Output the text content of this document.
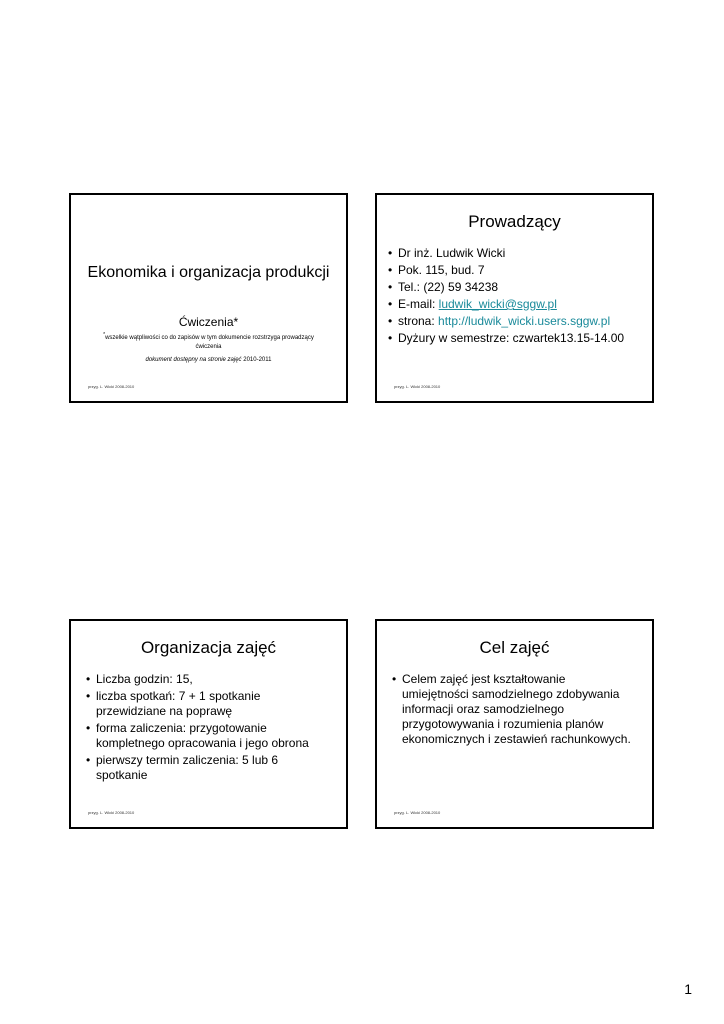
Ekonomika i organizacja produkcji
Ćwiczenia*
*wszelkie wątpliwości co do zapisów w tym dokumencie rozstrzyga prowadzący ćwiczenia
dokument dostępny na stronie zajęć 2010-2011
przyg. L. Wicki 2008-2010
Prowadzący
• Dr inż. Ludwik Wicki
• Pok. 115, bud. 7
• Tel.: (22) 59 34238
• E-mail: ludwik_wicki@sggw.pl
• strona: http://ludwik_wicki.users.sggw.pl
• Dyżury w semestrze: czwartek13.15-14.00
przyg. L. Wicki 2008-2010
Organizacja zajęć
• Liczba godzin: 15,
• liczba spotkań: 7 + 1 spotkanie przewidziane na poprawę
• forma zaliczenia: przygotowanie kompletnego opracowania i jego obrona
• pierwszy termin zaliczenia: 5 lub 6 spotkanie
przyg. L. Wicki 2008-2010
Cel zajęć
• Celem zajęć jest kształtowanie umiejętności samodzielnego zdobywania informacji oraz samodzielnego przygotowywania i rozumienia planów ekonomicznych i zestawień rachunkowych.
przyg. L. Wicki 2008-2010
1
